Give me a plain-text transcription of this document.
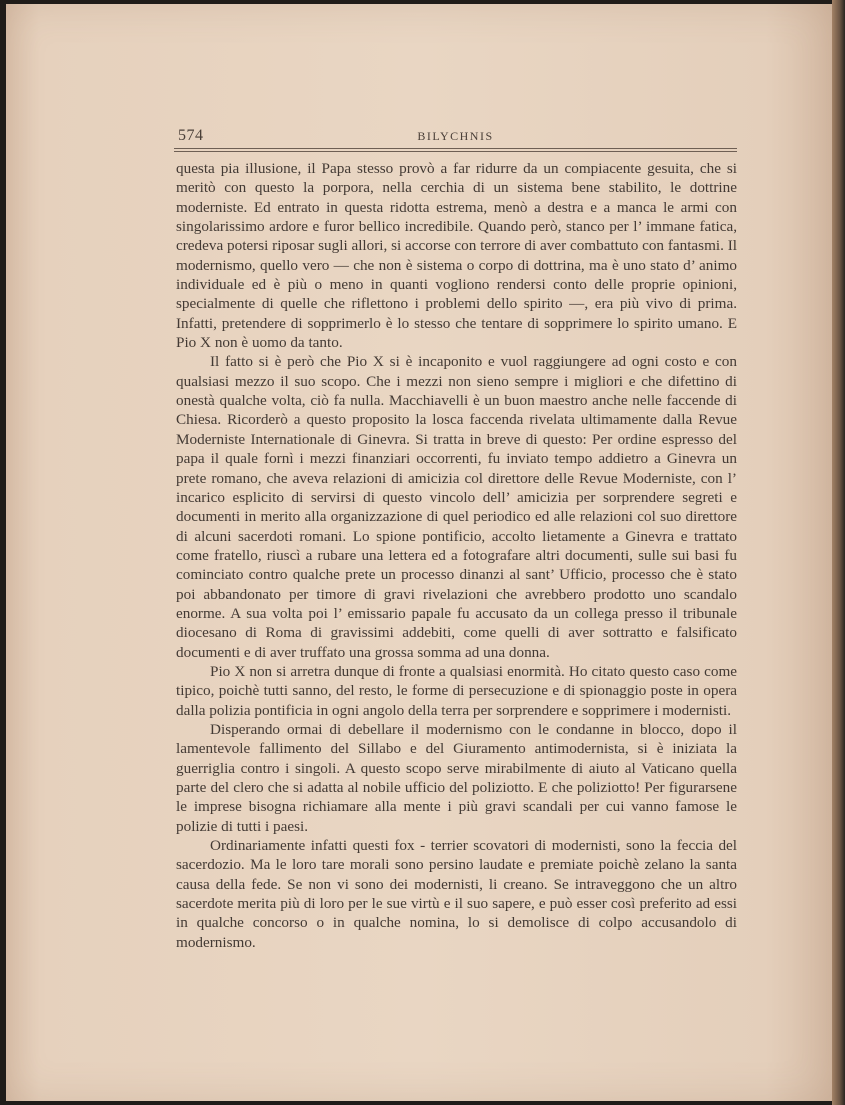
574	BILYCHNIS

questa pia illusione, il Papa stesso provò a far ridurre da un compiacente gesuita, che si meritò con questo la porpora, nella cerchia di un sistema bene stabilito, le dottrine moderniste. Ed entrato in questa ridotta estrema, menò a destra e a manca le armi con singolarissimo ardore e furor bellico incredibile. Quando però, stanco per l’ immane fatica, credeva potersi riposar sugli allori, si accorse con terrore di aver combattuto con fantasmi. Il modernismo, quello vero — che non è sistema o corpo di dottrina, ma è uno stato d’ animo individuale ed è più o meno in quanti vogliono rendersi conto delle proprie opinioni, specialmente di quelle che riflettono i problemi dello spirito —, era più vivo di prima. Infatti, pretendere di sopprimerlo è lo stesso che tentare di sopprimere lo spirito umano. E Pio X non è uomo da tanto.

Il fatto si è però che Pio X si è incaponito e vuol raggiungere ad ogni costo e con qualsiasi mezzo il suo scopo. Che i mezzi non sieno sempre i migliori e che difettino di onestà qualche volta, ciò fa nulla. Macchiavelli è un buon maestro anche nelle faccende di Chiesa. Ricorderò a questo proposito la losca faccenda rivelata ultimamente dalla Revue Moderniste Internationale di Ginevra. Si tratta in breve di questo: Per ordine espresso del papa il quale fornì i mezzi finanziari occorrenti, fu inviato tempo addietro a Ginevra un prete romano, che aveva relazioni di amicizia col direttore delle Revue Moderniste, con l’ incarico esplicito di servirsi di questo vincolo dell’ amicizia per sorprendere segreti e documenti in merito alla organizzazione di quel periodico ed alle relazioni col suo direttore di alcuni sacerdoti romani. Lo spione pontificio, accolto lietamente a Ginevra e trattato come fratello, riuscì a rubare una lettera ed a fotografare altri documenti, sulle sui basi fu cominciato contro qualche prete un processo dinanzi al sant’ Ufficio, processo che è stato poi abbandonato per timore di gravi rivelazioni che avrebbero prodotto uno scandalo enorme. A sua volta poi l’ emissario papale fu accusato da un collega presso il tribunale diocesano di Roma di gravissimi addebiti, come quelli di aver sottratto e falsificato documenti e di aver truffato una grossa somma ad una donna.

Pio X non si arretra dunque di fronte a qualsiasi enormità. Ho citato questo caso come tipico, poichè tutti sanno, del resto, le forme di persecuzione e di spionaggio poste in opera dalla polizia pontificia in ogni angolo della terra per sorprendere e sopprimere i modernisti.

Disperando ormai di debellare il modernismo con le condanne in blocco, dopo il lamentevole fallimento del Sillabo e del Giuramento antimodernista, si è iniziata la guerriglia contro i singoli. A questo scopo serve mirabilmente di aiuto al Vaticano quella parte del clero che si adatta al nobile ufficio del poliziotto. E che poliziotto! Per figurarsene le imprese bisogna richiamare alla mente i più gravi scandali per cui vanno famose le polizie di tutti i paesi.

Ordinariamente infatti questi fox - terrier scovatori di modernisti, sono la feccia del sacerdozio. Ma le loro tare morali sono persino laudate e premiate poichè zelano la santa causa della fede. Se non vi sono dei modernisti, li creano. Se intraveggono che un altro sacerdote merita più di loro per le sue virtù e il suo sapere, e può esser così preferito ad essi in qualche concorso o in qualche nomina, lo si demolisce di colpo accusandolo di modernismo.
